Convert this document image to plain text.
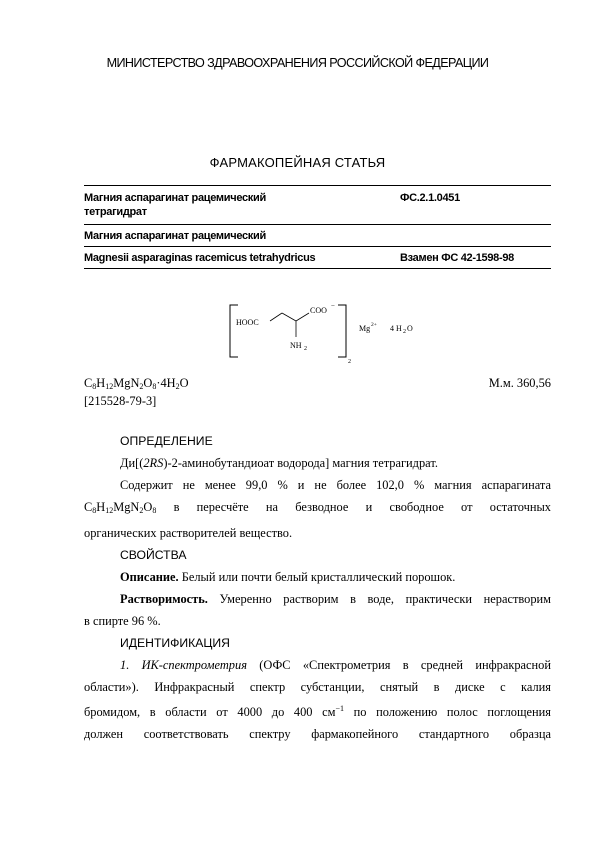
МИНИСТЕРСТВО ЗДРАВООХРАНЕНИЯ РОССИЙСКОЙ ФЕДЕРАЦИИ
ФАРМАКОПЕЙНАЯ СТАТЬЯ
Магния аспарагинат рацемический
тетрагидрат
ФС.2.1.0451
Магния аспарагинат рацемический
Magnesii asparaginas racemicus tetrahydricus	Взамен ФС 42-1598-98
HOOC
COO −
NH 2
2
Mg 2+ 4 H 2 O
$C_8H_{12}MgN_2O_8\cdot 4H_2O$	М.м. 360,56
[215528-79-3]
ОПРЕДЕЛЕНИЕ
Ди[(2RS)-2-аминобутандиоат водорода] магния тетрагидрат.
Содержит не менее 99,0 % и не более 102,0 % магния аспарагината
$C_8H_{12}MgN_2O_8$ в пересчёте на безводное и свободное от остаточных
органических растворителей вещество.
СВОЙСТВА
Описание. Белый или почти белый кристаллический порошок.
Растворимость. Умеренно растворим в воде, практически нерастворим
в спирте 96 %.
ИДЕНТИФИКАЦИЯ
1. ИК-спектрометрия (ОФС «Спектрометрия в средней инфракрасной
области»). Инфракрасный спектр субстанции, снятый в диске с калия
бромидом, в области от 4000 до 400 $см^{-1}$ по положению полос поглощения
должен соответствовать спектру фармакопейного стандартного образца
